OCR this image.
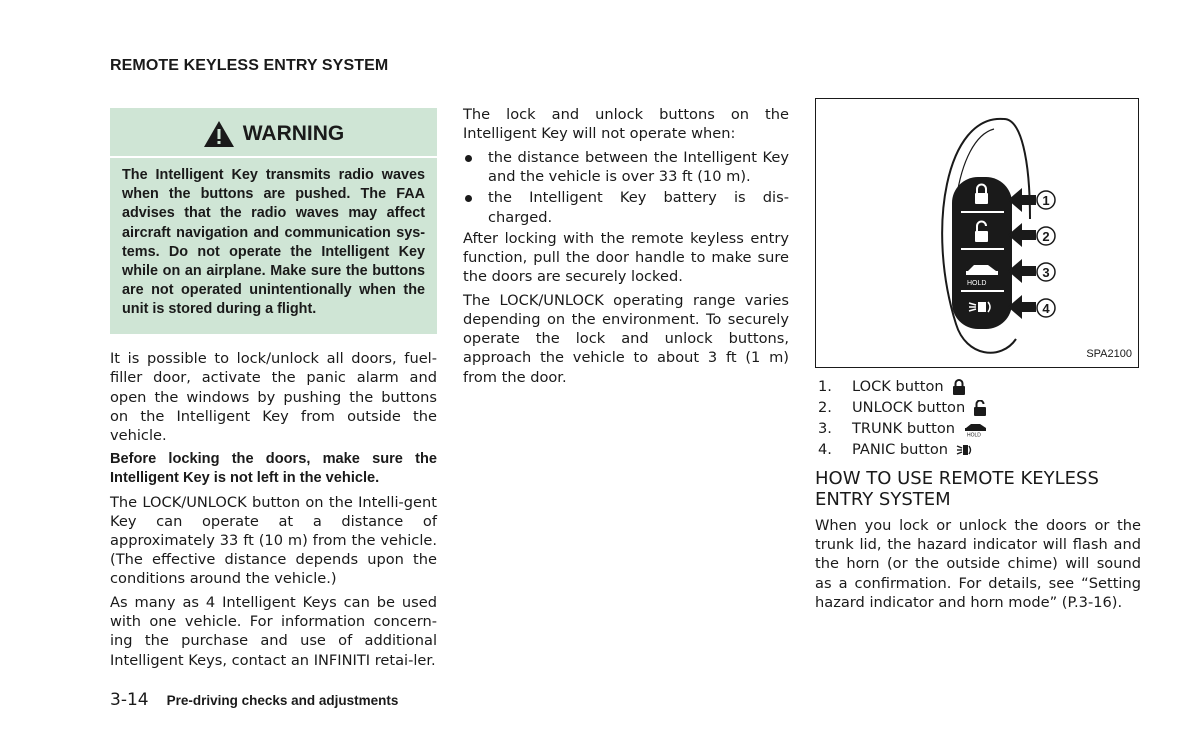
REMOTE KEYLESS ENTRY SYSTEM
WARNING

The Intelligent Key transmits radio waves when the buttons are pushed. The FAA advises that the radio waves may affect aircraft navigation and communication sys-tems. Do not operate the Intelligent Key while on an airplane. Make sure the buttons are not operated unintentionally when the unit is stored during a flight.

It is possible to lock/unlock all doors, fuel-filler door, activate the panic alarm and open the windows by pushing the buttons on the Intelligent Key from outside the vehicle.

Before locking the doors, make sure the Intelligent Key is not left in the vehicle.

The LOCK/UNLOCK button on the Intelli-gent Key can operate at a distance of approximately 33 ft (10 m) from the vehicle. (The effective distance depends upon the conditions around the vehicle.)

As many as 4 Intelligent Keys can be used with one vehicle. For information concern-ing the purchase and use of additional Intelligent Keys, contact an INFINITI retai-ler.

The lock and unlock buttons on the Intelligent Key will not operate when:

the distance between the Intelligent Key and the vehicle is over 33 ft (10 m).
the Intelligent Key battery is dis-charged.

After locking with the remote keyless entry function, pull the door handle to make sure the doors are securely locked.

The LOCK/UNLOCK operating range varies depending on the environment. To securely operate the lock and unlock buttons, approach the vehicle to about 3 ft (1 m) from the door.

HOLD
1
2
3
4
SPA2100
1.	LOCK button
2.	UNLOCK button
3.	TRUNK button HOLD
4.	PANIC button
HOW TO USE REMOTE KEYLESS ENTRY SYSTEM

When you lock or unlock the doors or the trunk lid, the hazard indicator will flash and the horn (or the outside chime) will sound as a confirmation. For details, see “Setting hazard indicator and horn mode” (P.3-16).

3-14 Pre-driving checks and adjustments
